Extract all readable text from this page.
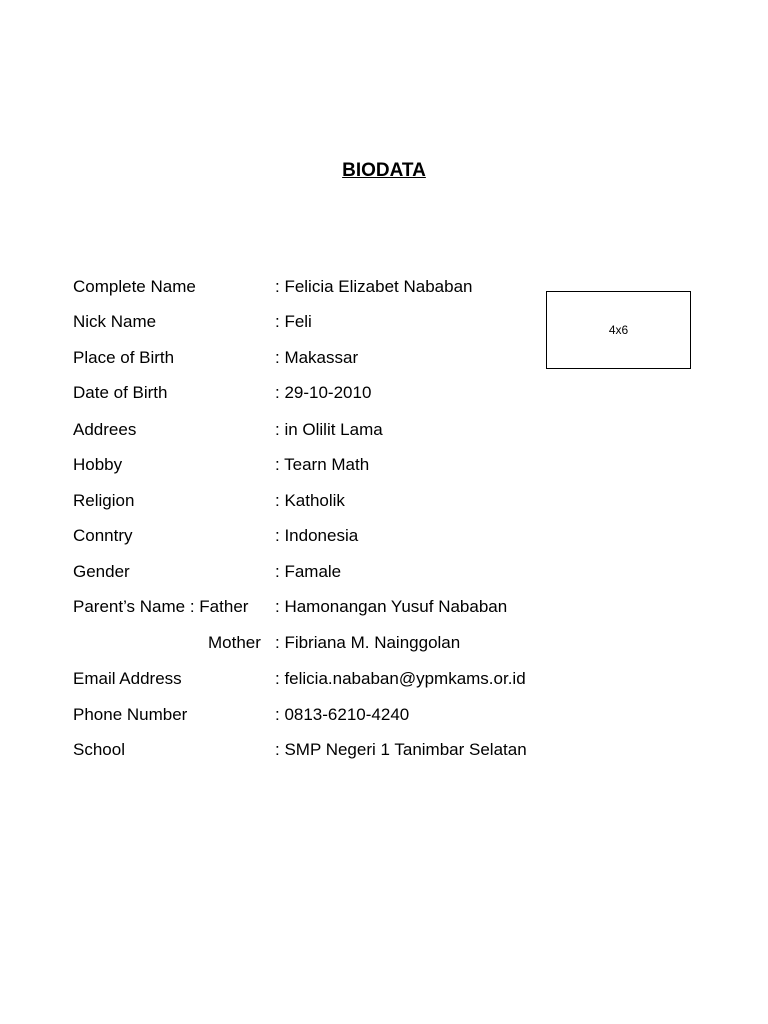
BIODATA
4x6
Complete Name	: Felicia Elizabet Nababan
Nick Name	: Feli
Place of Birth	: Makassar
Date of Birth	: 29-10-2010
Addrees	: in Olilit Lama
Hobby	: Tearn Math
Religion	: Katholik
Conntry	: Indonesia
Gender	: Famale
Parent’s Name : Father : Hamonangan Yusuf Nababan
Mother : Fibriana M. Nainggolan
Email Address	: felicia.nababan@ypmkams.or.id
Phone Number	: 0813-6210-4240
School	: SMP Negeri 1 Tanimbar Selatan
